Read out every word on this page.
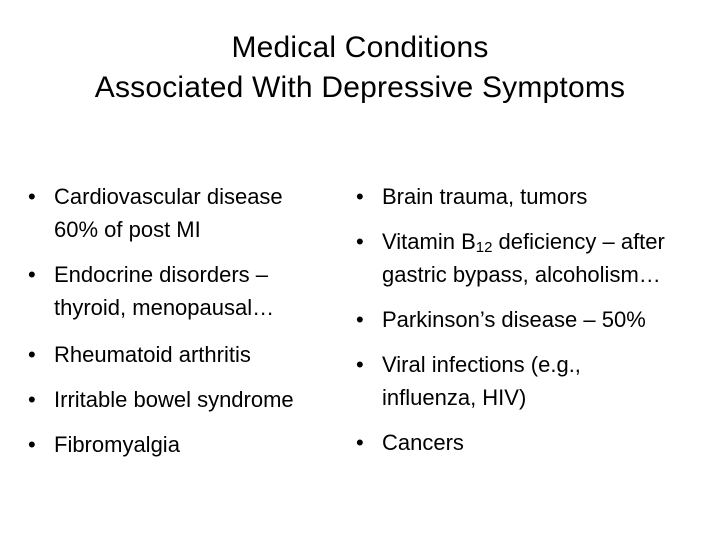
Medical Conditions
Associated With Depressive Symptoms
• Cardiovascular disease
60% of post MI
• Endocrine disorders –
thyroid, menopausal…
• Rheumatoid arthritis
• Irritable bowel syndrome
• Fibromyalgia
• Brain trauma, tumors
• Vitamin $B_{12}$ deficiency – after
gastric bypass, alcoholism…
• Parkinson’s disease – 50%
• Viral infections (e.g.,
influenza, HIV)
• Cancers
